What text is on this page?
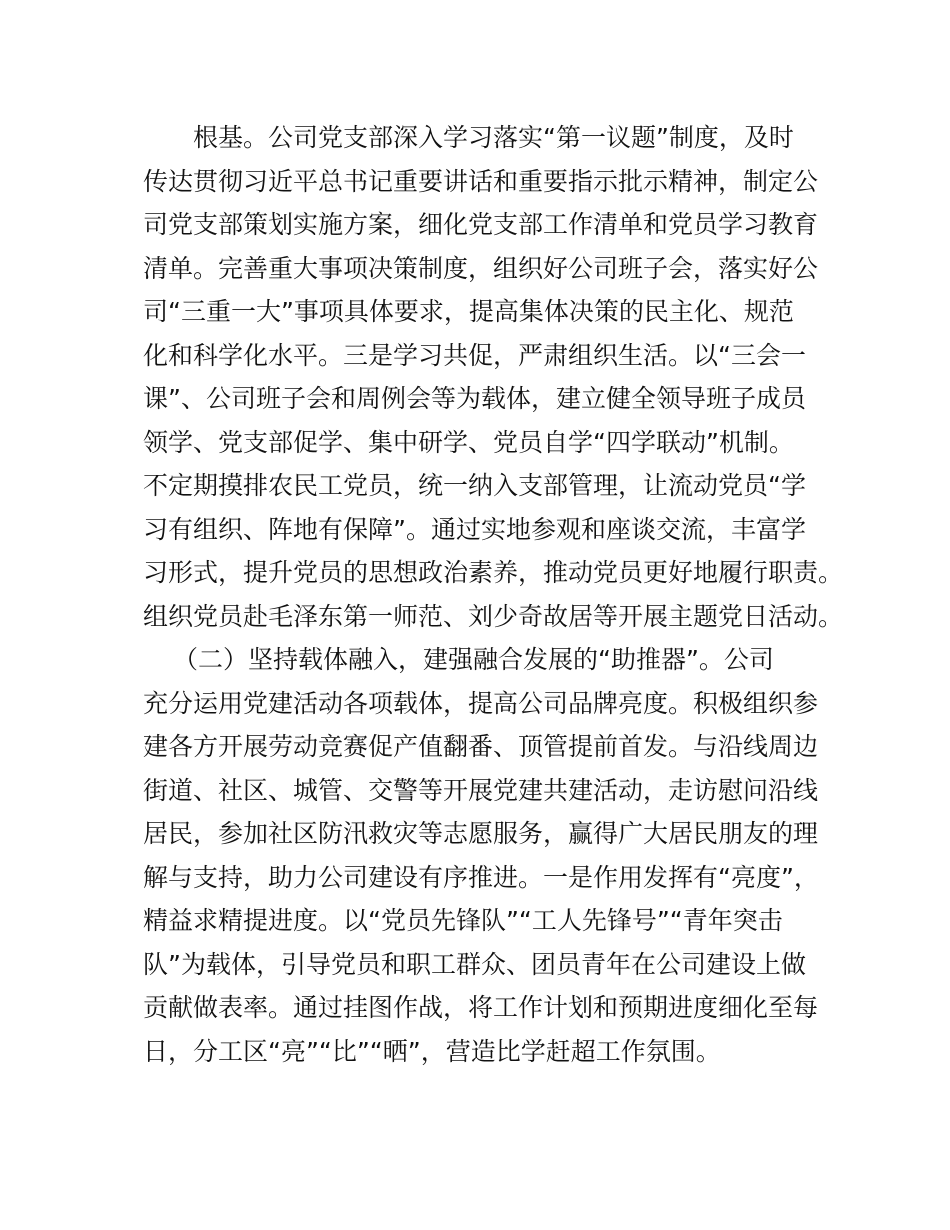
根基。公司党支部深入学习落实“第一议题”制度，及时
传达贯彻习近平总书记重要讲话和重要指示批示精神，制定公
司党支部策划实施方案，细化党支部工作清单和党员学习教育
清单。完善重大事项决策制度，组织好公司班子会，落实好公
司“三重一大”事项具体要求，提高集体决策的民主化、规范
化和科学化水平。三是学习共促，严肃组织生活。以“三会一
课”、公司班子会和周例会等为载体，建立健全领导班子成员
领学、党支部促学、集中研学、党员自学“四学联动”机制。
不定期摸排农民工党员，统一纳入支部管理，让流动党员“学
习有组织、阵地有保障”。通过实地参观和座谈交流，丰富学
习形式，提升党员的思想政治素养，推动党员更好地履行职责。
组织党员赴毛泽东第一师范、刘少奇故居等开展主题党日活动。
（二）坚持载体融入，建强融合发展的“助推器”。公司
充分运用党建活动各项载体，提高公司品牌亮度。积极组织参
建各方开展劳动竞赛促产值翻番、顶管提前首发。与沿线周边
街道、社区、城管、交警等开展党建共建活动，走访慰问沿线
居民，参加社区防汛救灾等志愿服务，赢得广大居民朋友的理
解与支持，助力公司建设有序推进。一是作用发挥有“亮度”，
精益求精提进度。以“党员先锋队”“工人先锋号”“青年突击
队”为载体，引导党员和职工群众、团员青年在公司建设上做
贡献做表率。通过挂图作战，将工作计划和预期进度细化至每
日，分工区“亮”“比”“晒”，营造比学赶超工作氛围。
